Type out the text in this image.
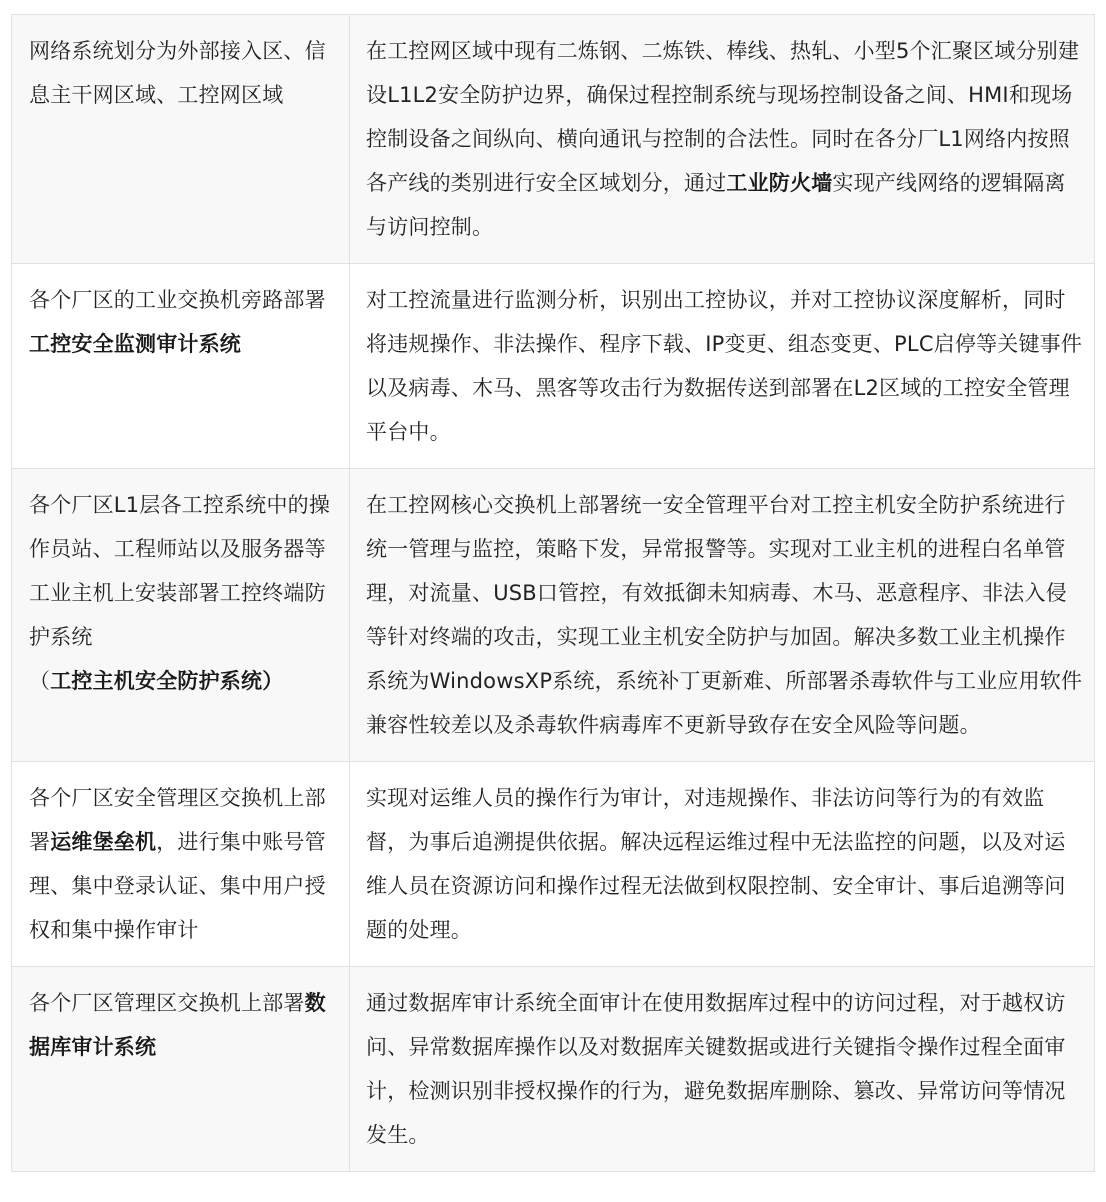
网络系统划分为外部接入区、信息主干网区域、工控网区域	在工控网区域中现有二炼钢、二炼铁、棒线、热轧、小型5个汇聚区域分别建设L1L2安全防护边界，确保过程控制系统与现场控制设备之间、HMI和现场控制设备之间纵向、横向通讯与控制的合法性。同时在各分厂L1网络内按照各产线的类别进行安全区域划分，通过工业防火墙实现产线网络的逻辑隔离与访问控制。
各个厂区的工业交换机旁路部署工控安全监测审计系统	对工控流量进行监测分析，识别出工控协议，并对工控协议深度解析，同时将违规操作、非法操作、程序下载、IP变更、组态变更、PLC启停等关键事件以及病毒、木马、黑客等攻击行为数据传送到部署在L2区域的工控安全管理平台中。
各个厂区L1层各工控系统中的操作员站、工程师站以及服务器等工业主机上安装部署工控终端防护系统（工控主机安全防护系统）	在工控网核心交换机上部署统一安全管理平台对工控主机安全防护系统进行统一管理与监控，策略下发，异常报警等。实现对工业主机的进程白名单管理，对流量、USB口管控，有效抵御未知病毒、木马、恶意程序、非法入侵等针对终端的攻击，实现工业主机安全防护与加固。解决多数工业主机操作系统为WindowsXP系统，系统补丁更新难、所部署杀毒软件与工业应用软件兼容性较差以及杀毒软件病毒库不更新导致存在安全风险等问题。
各个厂区安全管理区交换机上部署运维堡垒机，进行集中账号管理、集中登录认证、集中用户授权和集中操作审计	实现对运维人员的操作行为审计，对违规操作、非法访问等行为的有效监督，为事后追溯提供依据。解决远程运维过程中无法监控的问题，以及对运维人员在资源访问和操作过程无法做到权限控制、安全审计、事后追溯等问题的处理。
各个厂区管理区交换机上部署数据库审计系统	通过数据库审计系统全面审计在使用数据库过程中的访问过程，对于越权访问、异常数据库操作以及对数据库关键数据或进行关键指令操作过程全面审计，检测识别非授权操作的行为，避免数据库删除、篡改、异常访问等情况发生。
